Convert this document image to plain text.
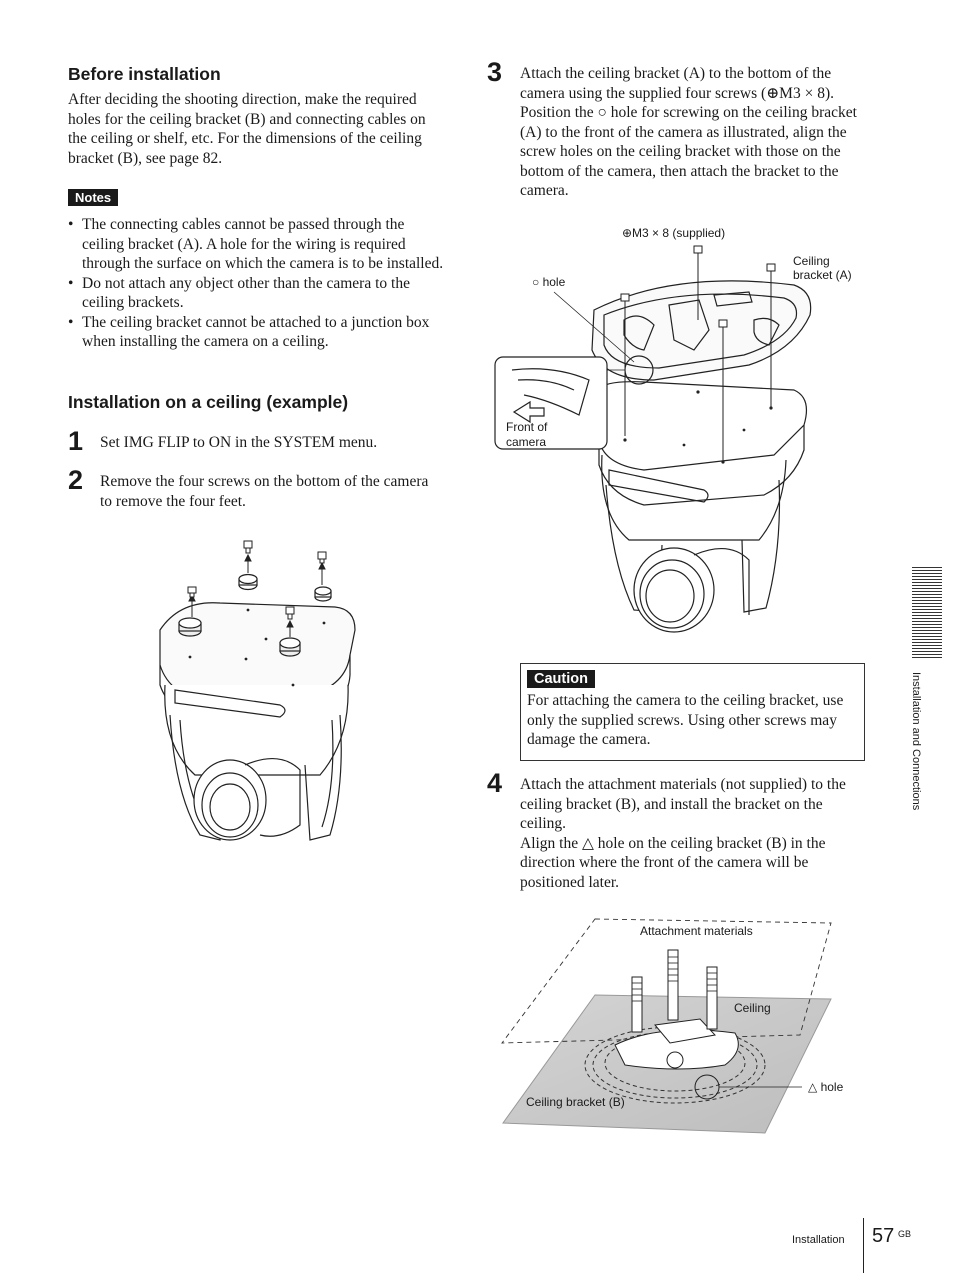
Before installation
After deciding the shooting direction, make the required holes for the ceiling bracket (B) and connecting cables on the ceiling or shelf, etc. For the dimensions of the ceiling bracket (B), see page 82.
Notes
• The connecting cables cannot be passed through the ceiling bracket (A). A hole for the wiring is required through the surface on which the camera is to be installed.
• Do not attach any object other than the camera to the ceiling brackets.
• The ceiling bracket cannot be attached to a junction box when installing the camera on a ceiling.
Installation on a ceiling (example)
1 Set IMG FLIP to ON in the SYSTEM menu.
2 Remove the four screws on the bottom of the camera to remove the four feet.
3 Attach the ceiling bracket (A) to the bottom of the camera using the supplied four screws (⊕M3 × 8). Position the ○ hole for screwing on the ceiling bracket (A) to the front of the camera as illustrated, align the screw holes on the ceiling bracket with those on the bottom of the camera, then attach the bracket to the camera.
⊕M3 × 8 (supplied)
Ceiling
bracket (A)
○ hole
Front of
camera
Caution
For attaching the camera to the ceiling bracket, use only the supplied screws. Using other screws may damage the camera.
4 Attach the attachment materials (not supplied) to the ceiling bracket (B), and install the bracket on the ceiling.
Align the △ hole on the ceiling bracket (B) in the direction where the front of the camera will be positioned later.
Attachment materials
Ceiling
△ hole
Ceiling bracket (B)
Installation and Connections
Installation 57 GB
